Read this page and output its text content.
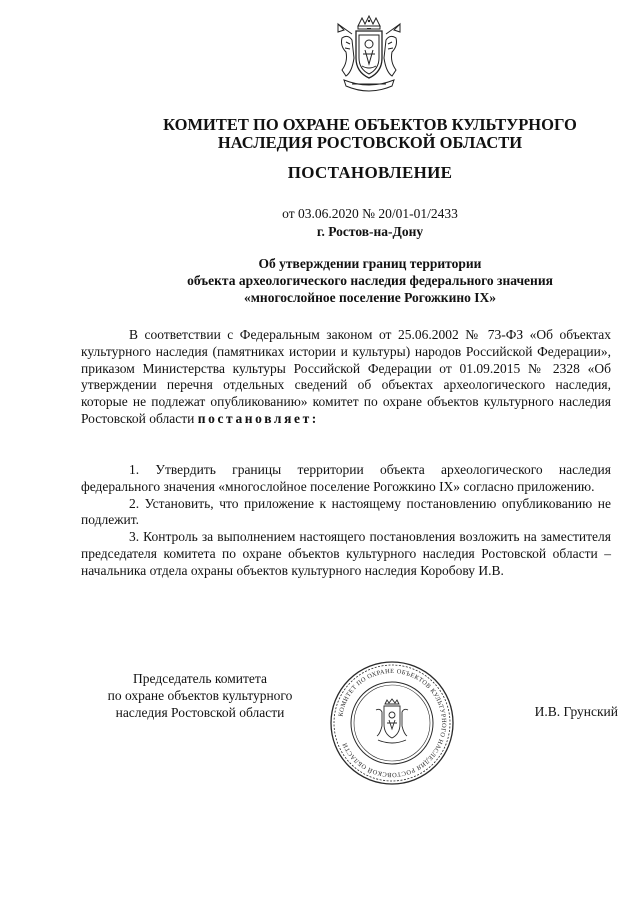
КОМИТЕТ ПО ОХРАНЕ ОБЪЕКТОВ КУЛЬТУРНОГО
НАСЛЕДИЯ РОСТОВСКОЙ ОБЛАСТИ
ПОСТАНОВЛЕНИЕ
от 03.06.2020 № 20/01-01/2433
г. Ростов-на-Дону
Об утверждении границ территории
объекта археологического наследия федерального значения
«многослойное поселение Рогожкино IX»

В соответствии с Федеральным законом от 25.06.2002 № 73-ФЗ «Об объектах культурного наследия (памятниках истории и культуры) народов Российской Федерации», приказом Министерства культуры Российской Федерации от 01.09.2015 № 2328 «Об утверждении перечня отдельных сведений об объектах археологического наследия, которые не подлежат опубликованию» комитет по охране объектов культурного наследия Ростовской области постановляет:

1. Утвердить границы территории объекта археологического наследия федерального значения «многослойное поселение Рогожкино IX» согласно приложению.

2. Установить, что приложение к настоящему постановлению опубликованию не подлежит.

3. Контроль за выполнением настоящего постановления возложить на заместителя председателя комитета по охране объектов культурного наследия Ростовской области – начальника отдела охраны объектов культурного наследия Коробову И.В.

Председатель комитета
по охране объектов культурного
наследия Ростовской области	КОМИТЕТ ПО ОХРАНЕ ОБЪЕКТОВ КУЛЬТУРНОГО НАСЛЕДИЯ РОСТОВСКОЙ ОБЛАСТИ
И.В. Грунский
